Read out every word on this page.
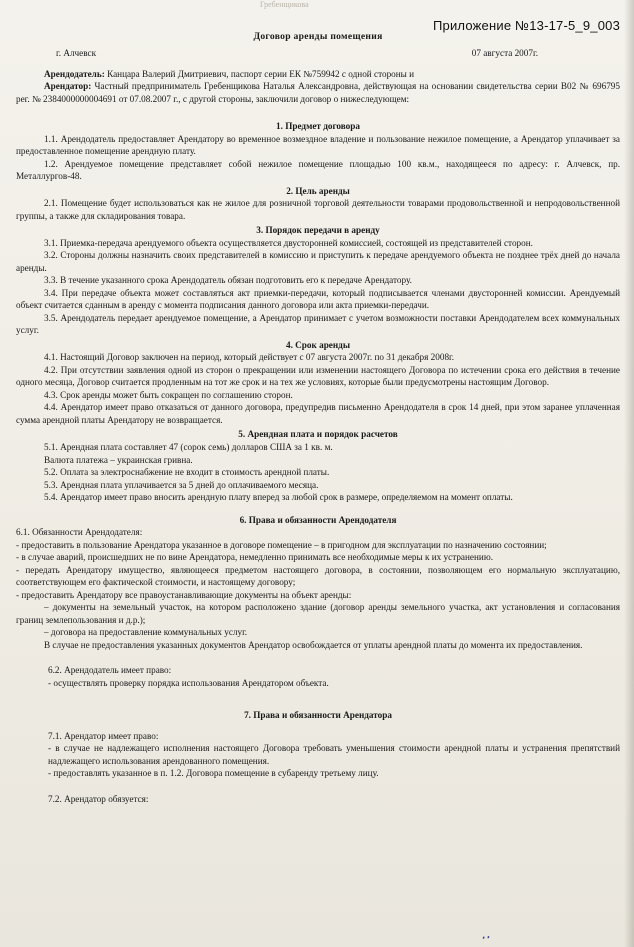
Гребенщикова
Приложение №13-17-5_9_003
Договор аренды помещения
г. Алчевск	07 августа 2007г.

Арендодатель: Канцара Валерий Дмитриевич, паспорт серии ЕК №759942 с одной стороны и

Арендатор: Частный предприниматель Гребенщикова Наталья Александровна, действующая на основании свидетельства серии В02 № 696795 рег. № 2384000000004691 от 07.08.2007 г., с другой стороны, заключили договор о нижеследующем:

1. Предмет договора

1.1. Арендодатель предоставляет Арендатору во временное возмездное владение и пользование нежилое помещение, а Арендатор уплачивает за предоставленное помещение арендную плату.

1.2. Арендуемое помещение представляет собой нежилое помещение площадью 100 кв.м., находящееся по адресу: г. Алчевск, пр. Металлургов-48.

2. Цель аренды

2.1. Помещение будет использоваться как не жилое для розничной торговой деятельности товарами продовольственной и непродовольственной группы, а также для складирования товара.

3. Порядок передачи в аренду

3.1. Приемка-передача арендуемого объекта осуществляется двусторонней комиссией, состоящей из представителей сторон.

3.2. Стороны должны назначить своих представителей в комиссию и приступить к передаче арендуемого объекта не позднее трёх дней до начала аренды.

3.3. В течение указанного срока Арендодатель обязан подготовить его к передаче Арендатору.

3.4. При передаче объекта может составляться акт приемки-передачи, который подписывается членами двусторонней комиссии. Арендуемый объект считается сданным в аренду с момента подписания данного договора или акта приемки-передачи.

3.5. Арендодатель передает арендуемое помещение, а Арендатор принимает с учетом возможности поставки Арендодателем всех коммунальных услуг.

4. Срок аренды

4.1. Настоящий Договор заключен на период, который действует с 07 августа 2007г. по 31 декабря 2008г.

4.2. При отсутствии заявления одной из сторон о прекращении или изменении настоящего Договора по истечении срока его действия в течение одного месяца, Договор считается продленным на тот же срок и на тех же условиях, которые были предусмотрены настоящим Договор.

4.3. Срок аренды может быть сокращен по соглашению сторон.

4.4. Арендатор имеет право отказаться от данного договора, предупредив письменно Арендодателя в срок 14 дней, при этом заранее уплаченная сумма арендной платы Арендатору не возвращается.

5. Арендная плата и порядок расчетов

5.1. Арендная плата составляет 47 (сорок семь) долларов США за 1 кв. м.

Валюта платежа – украинская гривна.

5.2. Оплата за электроснабжение не входит в стоимость арендной платы.

5.3. Арендная плата уплачивается за 5 дней до оплачиваемого месяца.

5.4. Арендатор имеет право вносить арендную плату вперед за любой срок в размере, определяемом на момент оплаты.

6. Права и обязанности Арендодателя

6.1. Обязанности Арендодателя:

- предоставить в пользование Арендатора указанное в договоре помещение – в пригодном для эксплуатации по назначению состоянии;

- в случае аварий, происшедших не по вине Арендатора, немедленно принимать все необходимые меры к их устранению.

- передать Арендатору имущество, являющееся предметом настоящего договора, в состоянии, позволяющем его нормальную эксплуатацию, соответствующем его фактической стоимости, и настоящему договору;

- предоставить Арендатору все правоустанавливающие документы на объект аренды:

– документы на земельный участок, на котором расположено здание (договор аренды земельного участка, акт установления и согласования границ землепользования и д.р.);

– договора на предоставление коммунальных услуг.

В случае не предоставления указанных документов Арендатор освобождается от уплаты арендной платы до момента их предоставления.

6.2. Арендодатель имеет право:

- осуществлять проверку порядка использования Арендатором объекта.

7. Права и обязанности Арендатора

7.1. Арендатор имеет право:

- в случае не надлежащего исполнения настоящего Договора требовать уменьшения стоимости арендной платы и устранения препятствий надлежащего использования арендованного помещения.

- предоставлять указанное в п. 1.2. Договора помещение в субаренду третьему лицу.

7.2. Арендатор обязуется:

‧‧
